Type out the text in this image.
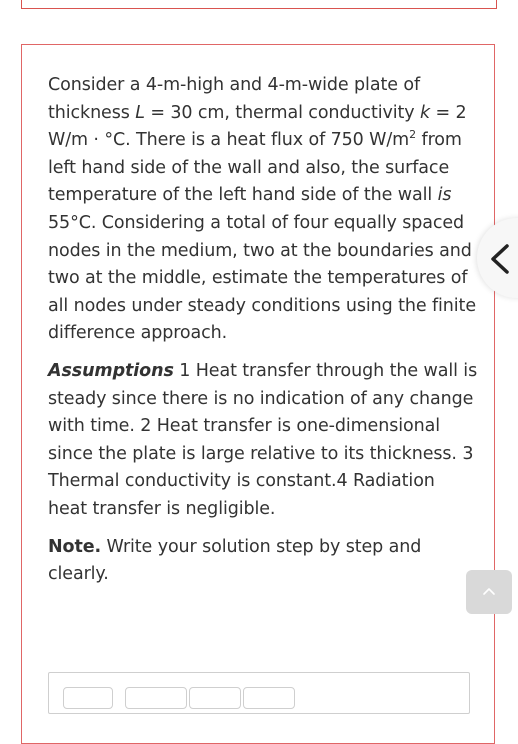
Consider a 4-m-high and 4-m-wide plate of thickness L = 30 cm, thermal conductivity k = 2 W/m · °C. There is a heat flux of 750 $W/m^2$ from left hand side of the wall and also, the surface temperature of the left hand side of the wall is 55°C. Considering a total of four equally spaced nodes in the medium, two at the boundaries and two at the middle, estimate the temperatures of all nodes under steady conditions using the finite difference approach.

Assumptions 1 Heat transfer through the wall is steady since there is no indication of any change with time. 2 Heat transfer is one-dimensional since the plate is large relative to its thickness. 3 Thermal conductivity is constant.4 Radiation heat transfer is negligible.

Note. Write your solution step by step and clearly.
